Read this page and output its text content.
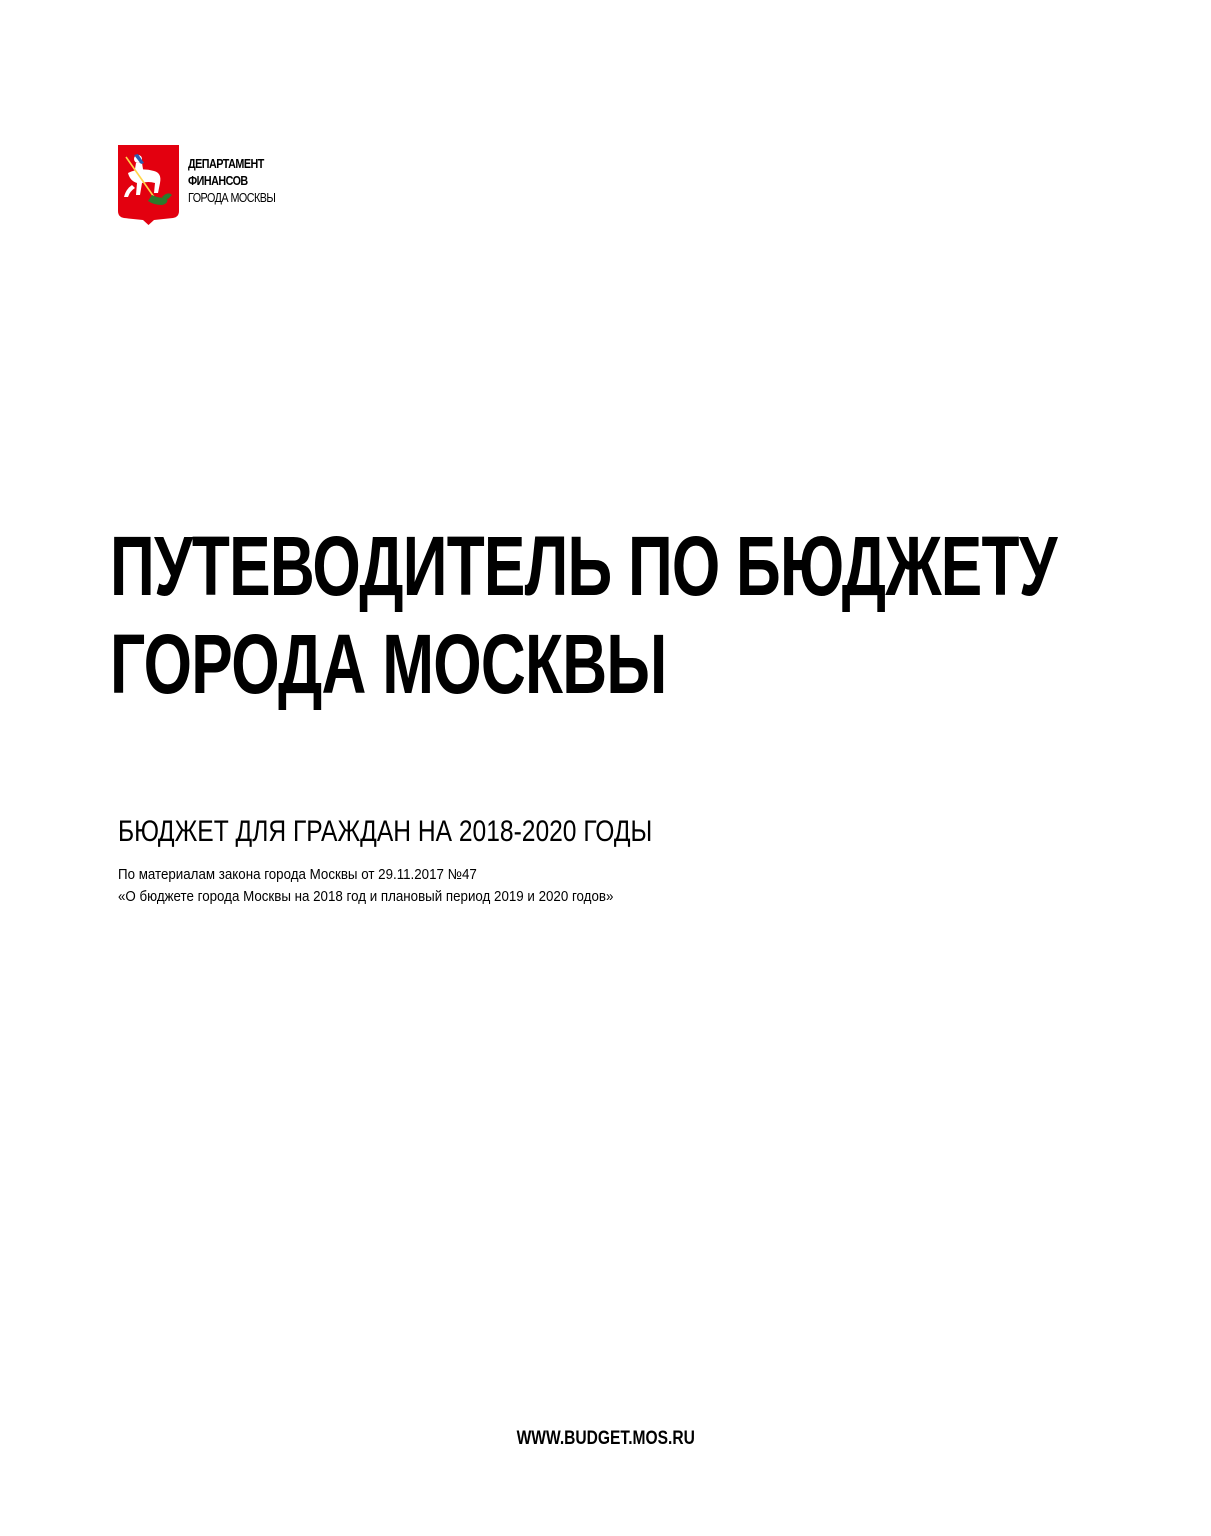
ДЕПАРТАМЕНТ
ФИНАНСОВ
ГОРОДА МОСКВЫ
ПУТЕВОДИТЕЛЬ ПО БЮДЖЕТУ
ГОРОДА МОСКВЫ
БЮДЖЕТ ДЛЯ ГРАЖДАН НА 2018-2020 ГОДЫ
По материалам закона города Москвы от 29.11.2017 №47
«О бюджете города Москвы на 2018 год и плановый период 2019 и 2020 годов»
WWW.BUDGET.MOS.RU
